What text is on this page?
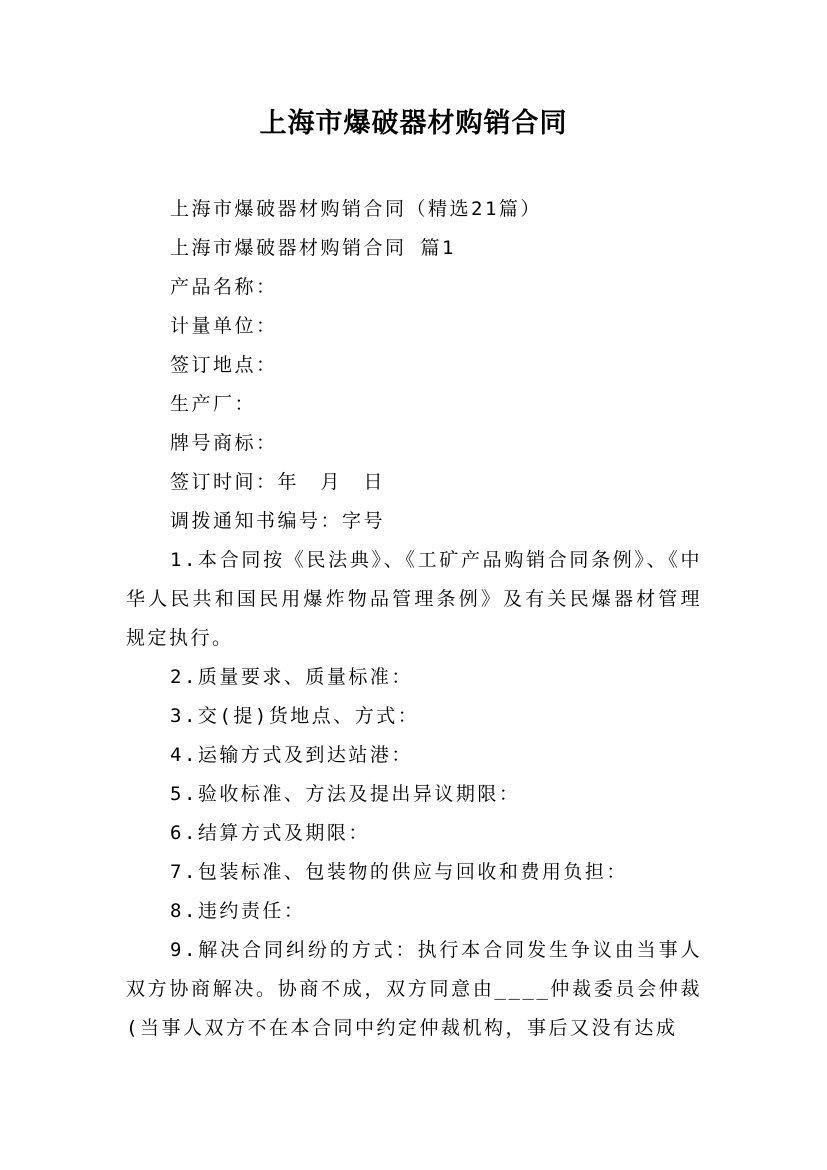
上海市爆破器材购销合同

上海市爆破器材购销合同（精选21篇）

上海市爆破器材购销合同 篇1

产品名称：

计量单位：

签订地点：

生产厂：

牌号商标：

签订时间：年　月　日

调拨通知书编号：字号

1.本合同按《民法典》、《工矿产品购销合同条例》、《中华人民共和国民用爆炸物品管理条例》及有关民爆器材管理规定执行。

2.质量要求、质量标准：

3.交(提)货地点、方式：

4.运输方式及到达站港：

5.验收标准、方法及提出异议期限：

6.结算方式及期限：

7.包装标准、包装物的供应与回收和费用负担：

8.违约责任：

9.解决合同纠纷的方式：执行本合同发生争议由当事人双方协商解决。协商不成，双方同意由____仲裁委员会仲裁(当事人双方不在本合同中约定仲裁机构，事后又没有达成
